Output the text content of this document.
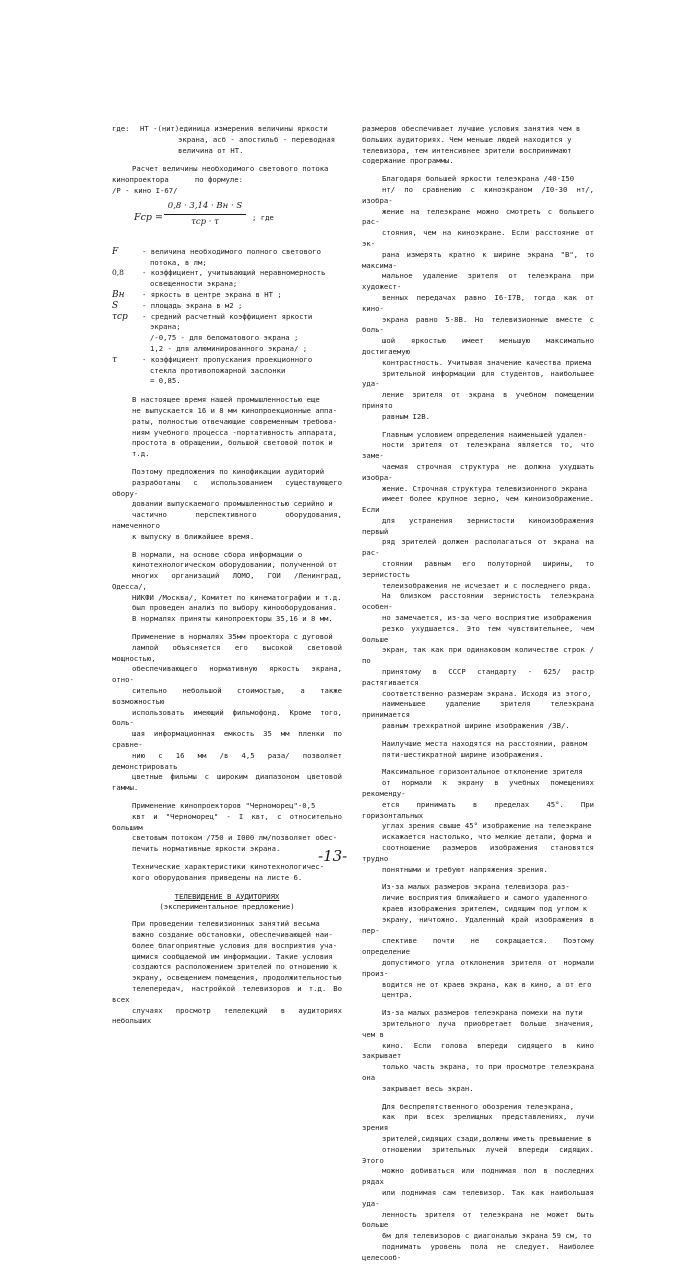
где:	НТ -(нит)единица измерения величины яркости
экрана, асб - апостильб - переводная
величина от НТ.
Расчет величины необходимого светового потока
кинопроектора      по формуле:
/Р - кино I-67/
Fср =
0,8 · 3,14 · Вн · S
τср · τ	; где
F	- величина необходимого полного светового
потока, в лм;
0,8	- коэффициент, учитывающий неравномерность
освещенности экрана;
Вн	- яркость в центре экрана в НТ ;
S	- площадь экрана в м2 ;
τср	- средний расчетный коэффициент яркости
экрана;
/-0,75 - для беломатового экрана ;
1,2 - для алюминированного экрана/ ;
τ	- коэффициент пропускания проекционного
стекла противопожарной заслонки
= 0,85.
В настоящее время нашей промышленностью еще
не выпускается 16 и 8 мм кинопроекционные аппа-
раты, полностью отвечающие современным требова-
ниям учебного процесса -портативность аппарата,
простота в обращении, большой световой поток и
т.д.
Поэтому предложения по кинофикации аудиторий
разработаны с использованием существующего обору-
довании выпускаемого промышленностью серийно и
частично перспективного оборудования, намеченного
к выпуску в ближайшее время.
В нормали, на основе сбора информации о
кинотехнологическом оборудовании, полученной от
многих организаций ЛОМО, ГОИ /Ленинград, Одесса/,
НИКФИ /Москва/, Комитет по кинематографии и т.д.
был проведен анализ по выбору кинооборудования.
В нормалях приняты кинопроекторы 35,16 и 8 мм.
Применение в нормалях 35мм проектора с дуговой
лампой объясняется его высокой световой мощностью,
обеспечивающего нормативную яркость экрана, отно-
сительно небольшой стоимостью, а также возможностью
использовать имеющий фильмофонд. Кроме того, боль-
шая информационная емкость 35 мм пленки по сравне-
нию с 16 мм /в 4,5 раза/ позволяет демонстрировать
цветные фильмы с широким диапазоном цветовой гаммы.
Применение кинопроекторов "Черноморец"-0,5
квт и "Черноморец" - I квт, с относительно большим
световым потоком /750 и I000 лм/позволяет обес-
печить нормативные яркости экрана.
Технические характеристики кинотехнологичес-
кого оборудования приведены на листе 6.
ТЕЛЕВИДЕНИЕ В АУДИТОРИЯХ
(экспериментальное предложение)
При проведении телевизионных занятий весьма
важно создание обстановки, обеспечивающей наи-
более благоприятные условия для восприятия уча-
щимися сообщаемой им информации. Такие условия
создаются расположением зрителей по отношению к
экрану, освещением помещения, продолжительностью
телепередач, настройкой телевизоров и т.д. Во всех
случаях просмотр телелекций в аудиториях небольших
размеров обеспечивает лучшие условия занятия чем в
больших аудиториях. Чем меньше людей находится у
телевизора, тем интенсивнее зрители воспринимают
содержание программы.
Благодаря большей яркости телеэкрана /40-I50
нт/ по сравнению с киноэкраном /I0-30 нт/, изобра-
жение на телеэкране можно смотреть с большего рас-
стояния, чем на киноэкране. Если расстояние от эк-
рана измерять кратно к ширине экрана "В", то максима-
мальное удаление зрителя от телеэкрана при художест-
венных передачах равно I6-I7В, тогда как от кино-
экрана равно 5-8В. Но телевизионные вместе с боль-
шой яркостью имеет меньшую максимально достигаемую
контрастность. Учитывая значение качества приема
зрительной информации для студентов, наибольшее уда-
ление зрителя от экрана в учебном помещении принято
равным I2В.
Главным условием определения наименьшей удален-
ности зрителя от телеэкрана является то, что заме-
чаемая строчная структура не должна ухудшать изобра-
жение. Строчная структура телевизионного экрана
имеет более крупное зерно, чем киноизображение. Если
для устранения зернистости киноизображения первый
ряд зрителей должен располагаться от экрана на рас-
стоянии равным его полуторной ширины, то зернистость
телеизображения не исчезает и с последнего ряда.
На близком расстоянии зернистость телеэкрана особен-
но замечается, из-за чего восприятие изображения
резко ухудшается. Это тем чувствительнее, чем больше
экран, так как при одинаковом количестве строк /по
принятому в СССР стандарту - 625/ растр растягивается
соответственно размерам экрана. Исходя из этого,
наименьшее удаление зрителя телеэкрана принимается
равным трехкратной ширине изображения /3В/.
Наилучшие места находятся на расстоянии, равном
пяти-шестикратной ширине изображения.
Максимальное горизонтальное отклонение зрителя
от нормали к экрану в учебных помещениях рекоменду-
ется принимать в пределах 45°. При горизонтальных
углах зрения свыше 45° изображение на телеэкране
искажается настолько, что мелкие детали, форма и
соотношение размеров изображения становятся трудно
понятными и требуют напряжения зрения.
Из-за малых размеров экрана телевизора раз-
личие восприятия ближайшего и самого удаленного
краев изображения зрителем, сидящим под углом к
экрану, ничтожно. Удаленный край изображения в пер-
спективе почти не сокращается. Поэтому определение
допустимого угла отклонения зрителя от нормали произ-
водится не от краев экрана, как в кино, а от его
центра.
Из-за малых размеров телеэкрана помехи на пути
зрительного луча приобретает больше значения, чем в
кино. Если голова впереди сидящего в кино закрывает
только часть экрана, то при просмотре телеэкрана она
закрывает весь экран.
Для беспрепятственного обозрения телеэкрана,
как при всех зрелищных представлениях, лучи зрения
зрителей,сидящих сзади,должны иметь превышение в
отношении зрительных лучей впереди сидящих. Этого
можно добиваться или поднимая пол в последних рядах
или поднимая сам телевизор. Так как наибольшая уда-
ленность зрителя от телеэкрана не может быть больше
6м для телевизоров с диагональю экрана 59 см, то
поднимать уровень пола не следует. Наиболее целесооб-
-13-
